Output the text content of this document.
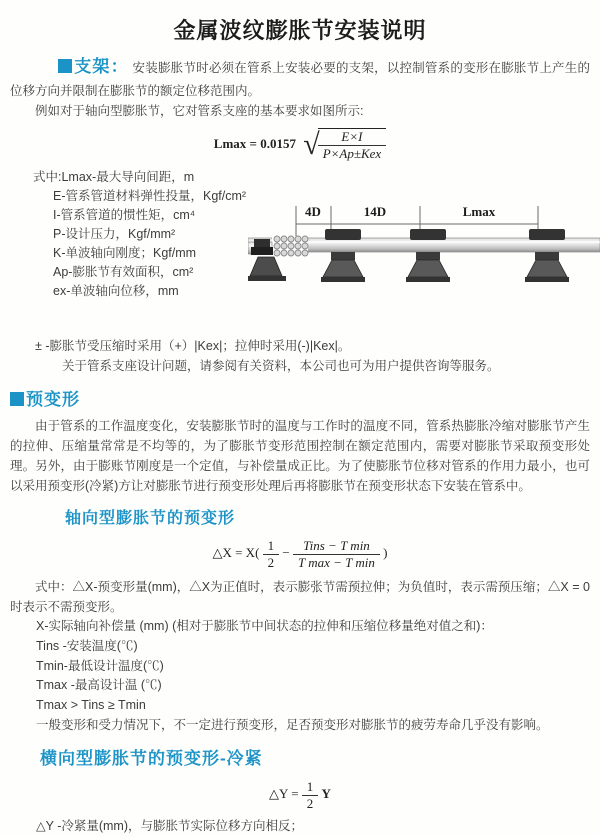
金属波纹膨胀节安装说明

支架： 安装膨胀节时必须在管系上安装必要的支架，以控制管系的变形在膨胀节上产生的位移方向并限制在膨胀节的额定位移范围内。

例如对于轴向型膨胀节，它对管系支座的基本要求如图所示:

Lmax = 0.0157 √
$\frac{E\times I}{\text{P×Ap±Kex}}$

式中:Lmax-最大导向间距，m

E-管系管道材料弹性投量，Kgf/cm²

I-管系管道的惯性矩，cm⁴

P-设计压力，Kgf/mm²

K-单波轴向刚度；Kgf/mm

Ap-膨胀节有效面积，cm²

ex-单波轴向位移，mm

4D	14D	Lmax

± -膨胀节受压缩时采用（+）|Kex|；拉伸时采用(-)|Kex|。

关于管系支座设计问题，请参阅有关资料，本公司也可为用户提供咨询等服务。

预变形

由于管系的工作温度变化，安装膨胀节时的温度与工作时的温度不同，管系热膨胀冷缩对膨胀节产生的拉伸、压缩量常常是不均等的，为了膨胀节变形范围控制在额定范围内，需要对膨胀节采取预变形处理。另外，由于膨账节刚度是一个定值，与补偿量成正比。为了使膨胀节位移对管系的作用力最小，也可以采用预变形(冷紧)方让对膨胀节进行预变形处理后再将膨胀节在预变形状态下安装在管系中。

轴向型膨胀节的预变形

△X = $X( \frac{1}{2} - \frac{\text{Tins − T min}}{\text{T max − T min}}$ )

式中：△X-预变形量(mm)，△X为正值时，表示膨张节需预拉伸；为负值时，表示需预压缩；△X = 0时表示不需预变形。

X-实际轴向补偿量 (mm) (相对于膨胀节中间状态的拉伸和压缩位移量绝对值之和)：

Tins -安装温度(℃)

Tmin-最低设计温度(℃)

Tmax -最高设计温 (℃)

Tmax > Tins ≥ Tmin

一般变形和受力情况下，不一定进行预变形，足否预变形对膨胀节的疲劳寿命几乎没有影响。

横向型膨胀节的预变形-冷紧

△Y = $\frac{1}{2}$ Y

△Y -冷紧量(mm)，与膨胀节实际位移方向相反；
